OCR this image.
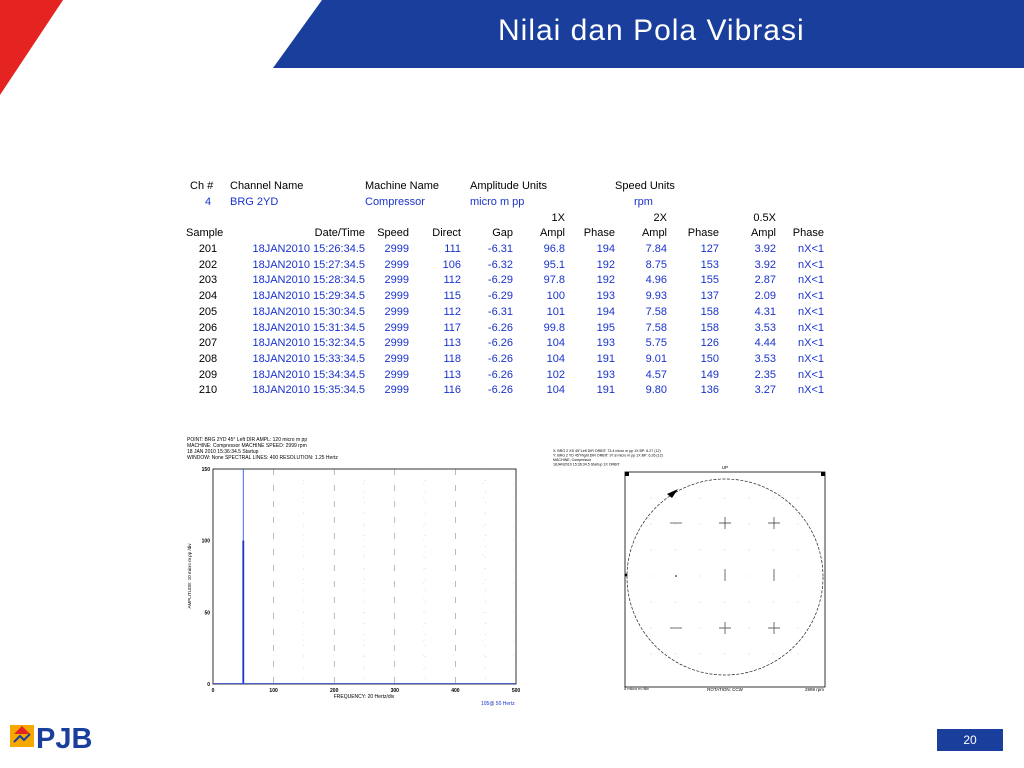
Nilai dan Pola Vibrasi
Ch #	Channel Name	Machine Name		Amplitude Units			Speed Units			
4	BRG 2YD	Compressor		micro m pp			rpm			
					1X		2X		0.5X	
Sample	Date/Time	Speed	Direct	Gap	Ampl	Phase	Ampl	Phase	Ampl	Phase
201	18JAN2010 15:26:34.5	2999	111	-6.31	96.8	194	7.84	127	3.92	nX<1
202	18JAN2010 15:27:34.5	2999	106	-6.32	95.1	192	8.75	153	3.92	nX<1
203	18JAN2010 15:28:34.5	2999	112	-6.29	97.8	192	4.96	155	2.87	nX<1
204	18JAN2010 15:29:34.5	2999	115	-6.29	100	193	9.93	137	2.09	nX<1
205	18JAN2010 15:30:34.5	2999	112	-6.31	101	194	7.58	158	4.31	nX<1
206	18JAN2010 15:31:34.5	2999	117	-6.26	99.8	195	7.58	158	3.53	nX<1
207	18JAN2010 15:32:34.5	2999	113	-6.26	104	193	5.75	126	4.44	nX<1
208	18JAN2010 15:33:34.5	2999	118	-6.26	104	191	9.01	150	3.53	nX<1
209	18JAN2010 15:34:34.5	2999	113	-6.26	102	193	4.57	149	2.35	nX<1
210	18JAN2010 15:35:34.5	2999	116	-6.26	104	191	9.80	136	3.27	nX<1
POINT: BRG 2YD 45° Left DIR AMPL: 120 micro m pp
MACHINE: Compressor MACHINE SPEED: 2999 rpm
18 JAN 2010 15:36:34.5 Startup
WINDOW: None SPECTRAL LINES: 400 RESOLUTION: 1.25 Hertz
0	100	200	300	400	500
0
50
100
150
AMPLITUDE: 10 micro m pp /div
FREQUENCY: 20 Hertz/div
105@ 50 Hertz
X: BRG 2 XD 45°Left DIR ORBIT: 73.4 micro m pp 1X BP: 6.27 (12)
Y: BRG 2 YD 45°Right DIR ORBIT: 97.8 micro m pp 1X BP: 6.26 (12)
MACHINE: Compressor
18JAN2010 15:36:34.5 Startup 1X ORBIT
UP
5 micro m /div	ROTATION: CCW	2999 rpm
PJB	20
